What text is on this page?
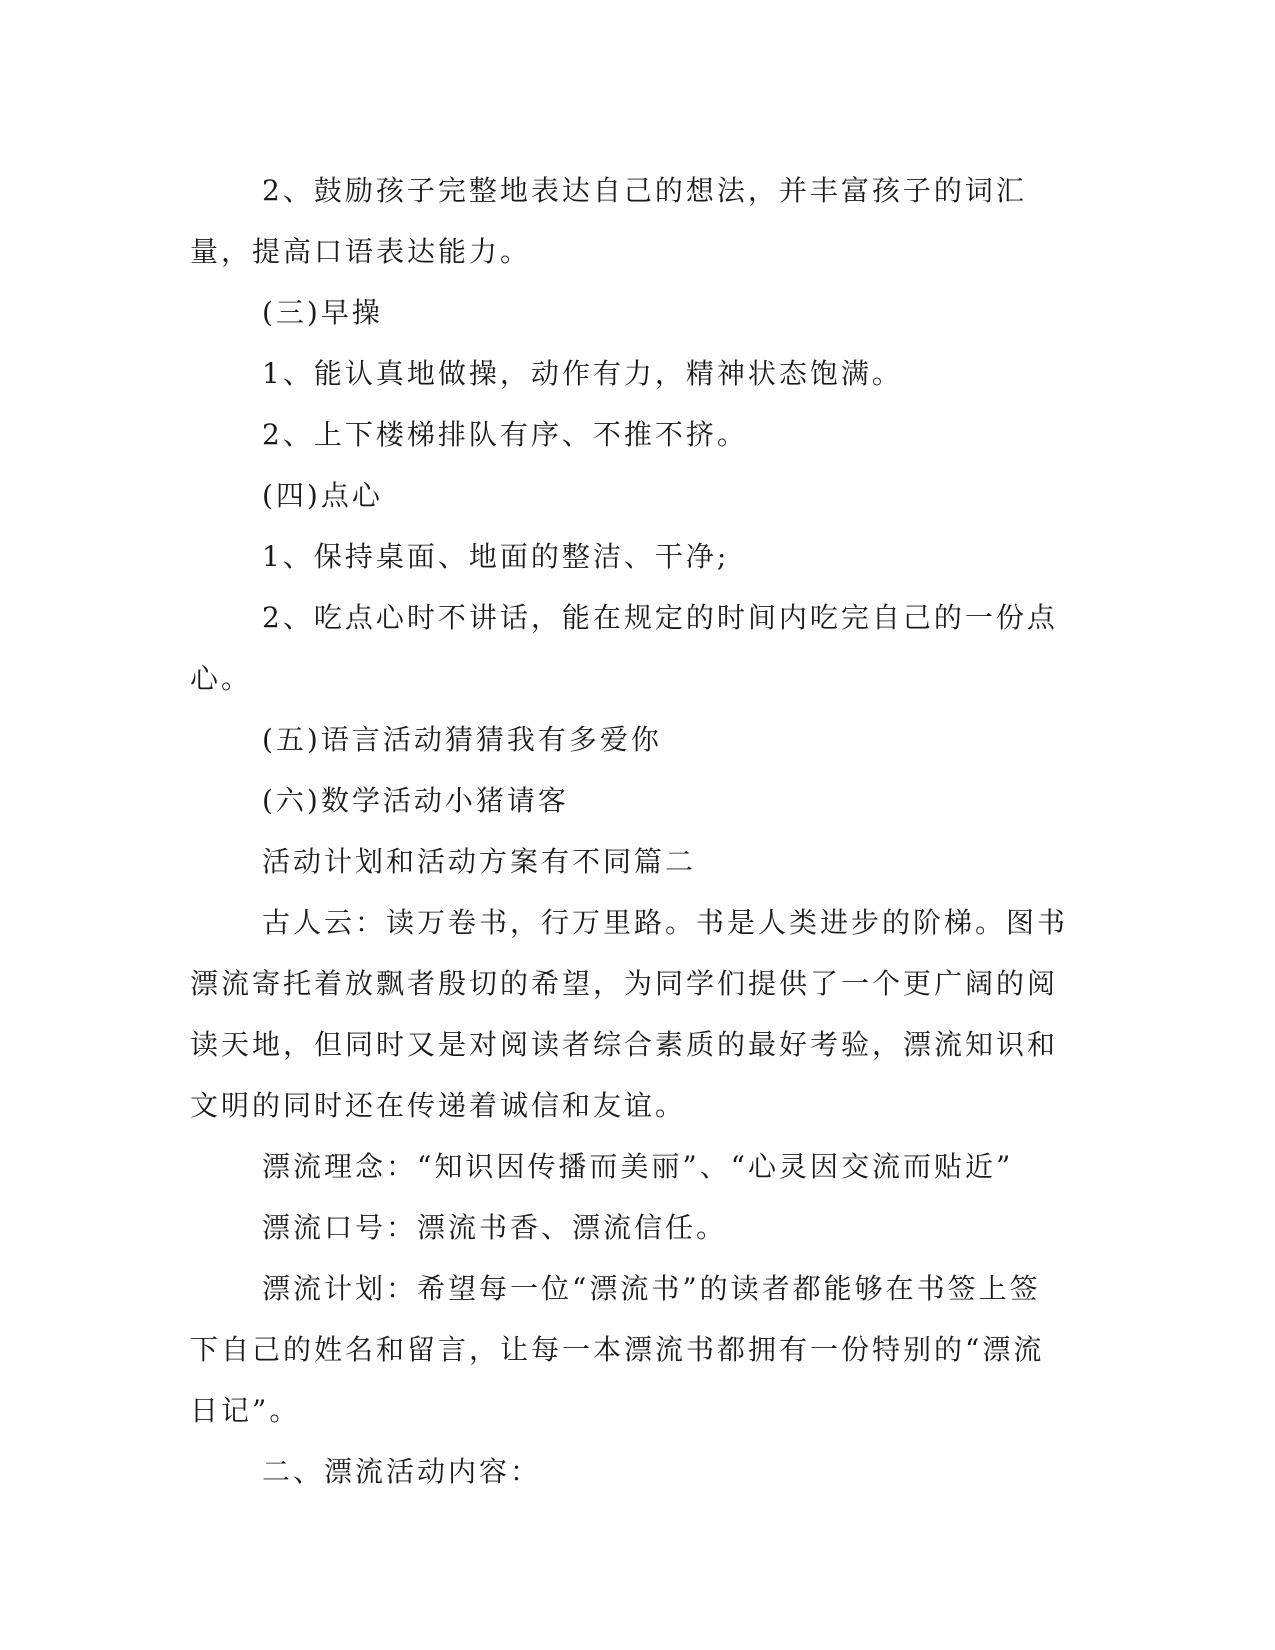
2、鼓励孩子完整地表达自己的想法，并丰富孩子的词汇量，提高口语表达能力。

(三)早操

1、能认真地做操，动作有力，精神状态饱满。

2、上下楼梯排队有序、不推不挤。

(四)点心

1、保持桌面、地面的整洁、干净;

2、吃点心时不讲话，能在规定的时间内吃完自己的一份点心。

(五)语言活动猜猜我有多爱你

(六)数学活动小猪请客

活动计划和活动方案有不同篇二

古人云：读万卷书，行万里路。书是人类进步的阶梯。图书漂流寄托着放飘者殷切的希望，为同学们提供了一个更广阔的阅读天地，但同时又是对阅读者综合素质的最好考验，漂流知识和文明的同时还在传递着诚信和友谊。

漂流理念：“知识因传播而美丽”、“心灵因交流而贴近”

漂流口号：漂流书香、漂流信任。

漂流计划：希望每一位“漂流书”的读者都能够在书签上签下自己的姓名和留言，让每一本漂流书都拥有一份特别的“漂流日记”。

二、漂流活动内容：
